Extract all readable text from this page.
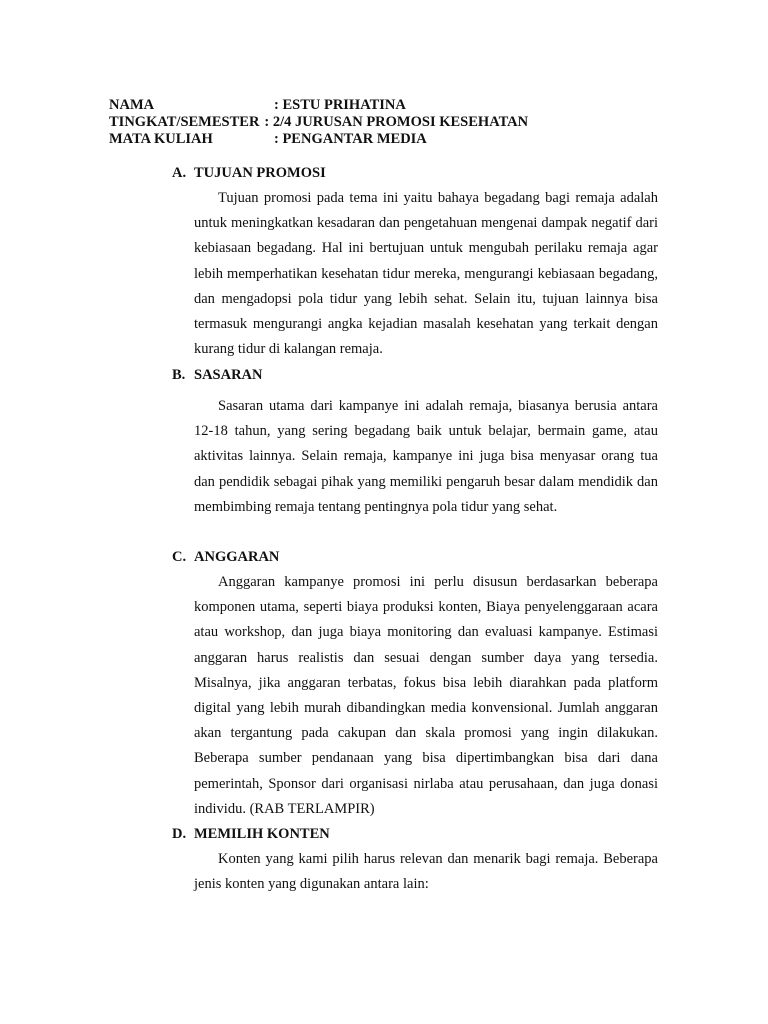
NAMA	: ESTU PRIHATINA
TINGKAT/SEMESTER : 2/4 JURUSAN PROMOSI KESEHATAN
MATA KULIAH	: PENGANTAR MEDIA
A. TUJUAN PROMOSI
Tujuan promosi pada tema ini yaitu bahaya begadang bagi remaja adalah untuk meningkatkan kesadaran dan pengetahuan mengenai dampak negatif dari kebiasaan begadang. Hal ini bertujuan untuk mengubah perilaku remaja agar lebih memperhatikan kesehatan tidur mereka, mengurangi kebiasaan begadang, dan mengadopsi pola tidur yang lebih sehat. Selain itu, tujuan lainnya bisa termasuk mengurangi angka kejadian masalah kesehatan yang terkait dengan kurang tidur di kalangan remaja.
B. SASARAN
Sasaran utama dari kampanye ini adalah remaja, biasanya berusia antara 12-18 tahun, yang sering begadang baik untuk belajar, bermain game, atau aktivitas lainnya. Selain remaja, kampanye ini juga bisa menyasar orang tua dan pendidik sebagai pihak yang memiliki pengaruh besar dalam mendidik dan membimbing remaja tentang pentingnya pola tidur yang sehat.
C. ANGGARAN
Anggaran kampanye promosi ini perlu disusun berdasarkan beberapa komponen utama, seperti biaya produksi konten, Biaya penyelenggaraan acara atau workshop, dan juga biaya monitoring dan evaluasi kampanye. Estimasi anggaran harus realistis dan sesuai dengan sumber daya yang tersedia. Misalnya, jika anggaran terbatas, fokus bisa lebih diarahkan pada platform digital yang lebih murah dibandingkan media konvensional. Jumlah anggaran akan tergantung pada cakupan dan skala promosi yang ingin dilakukan. Beberapa sumber pendanaan yang bisa dipertimbangkan bisa dari dana pemerintah, Sponsor dari organisasi nirlaba atau perusahaan, dan juga donasi individu. (RAB TERLAMPIR)
D. MEMILIH KONTEN
Konten yang kami pilih harus relevan dan menarik bagi remaja. Beberapa jenis konten yang digunakan antara lain:
